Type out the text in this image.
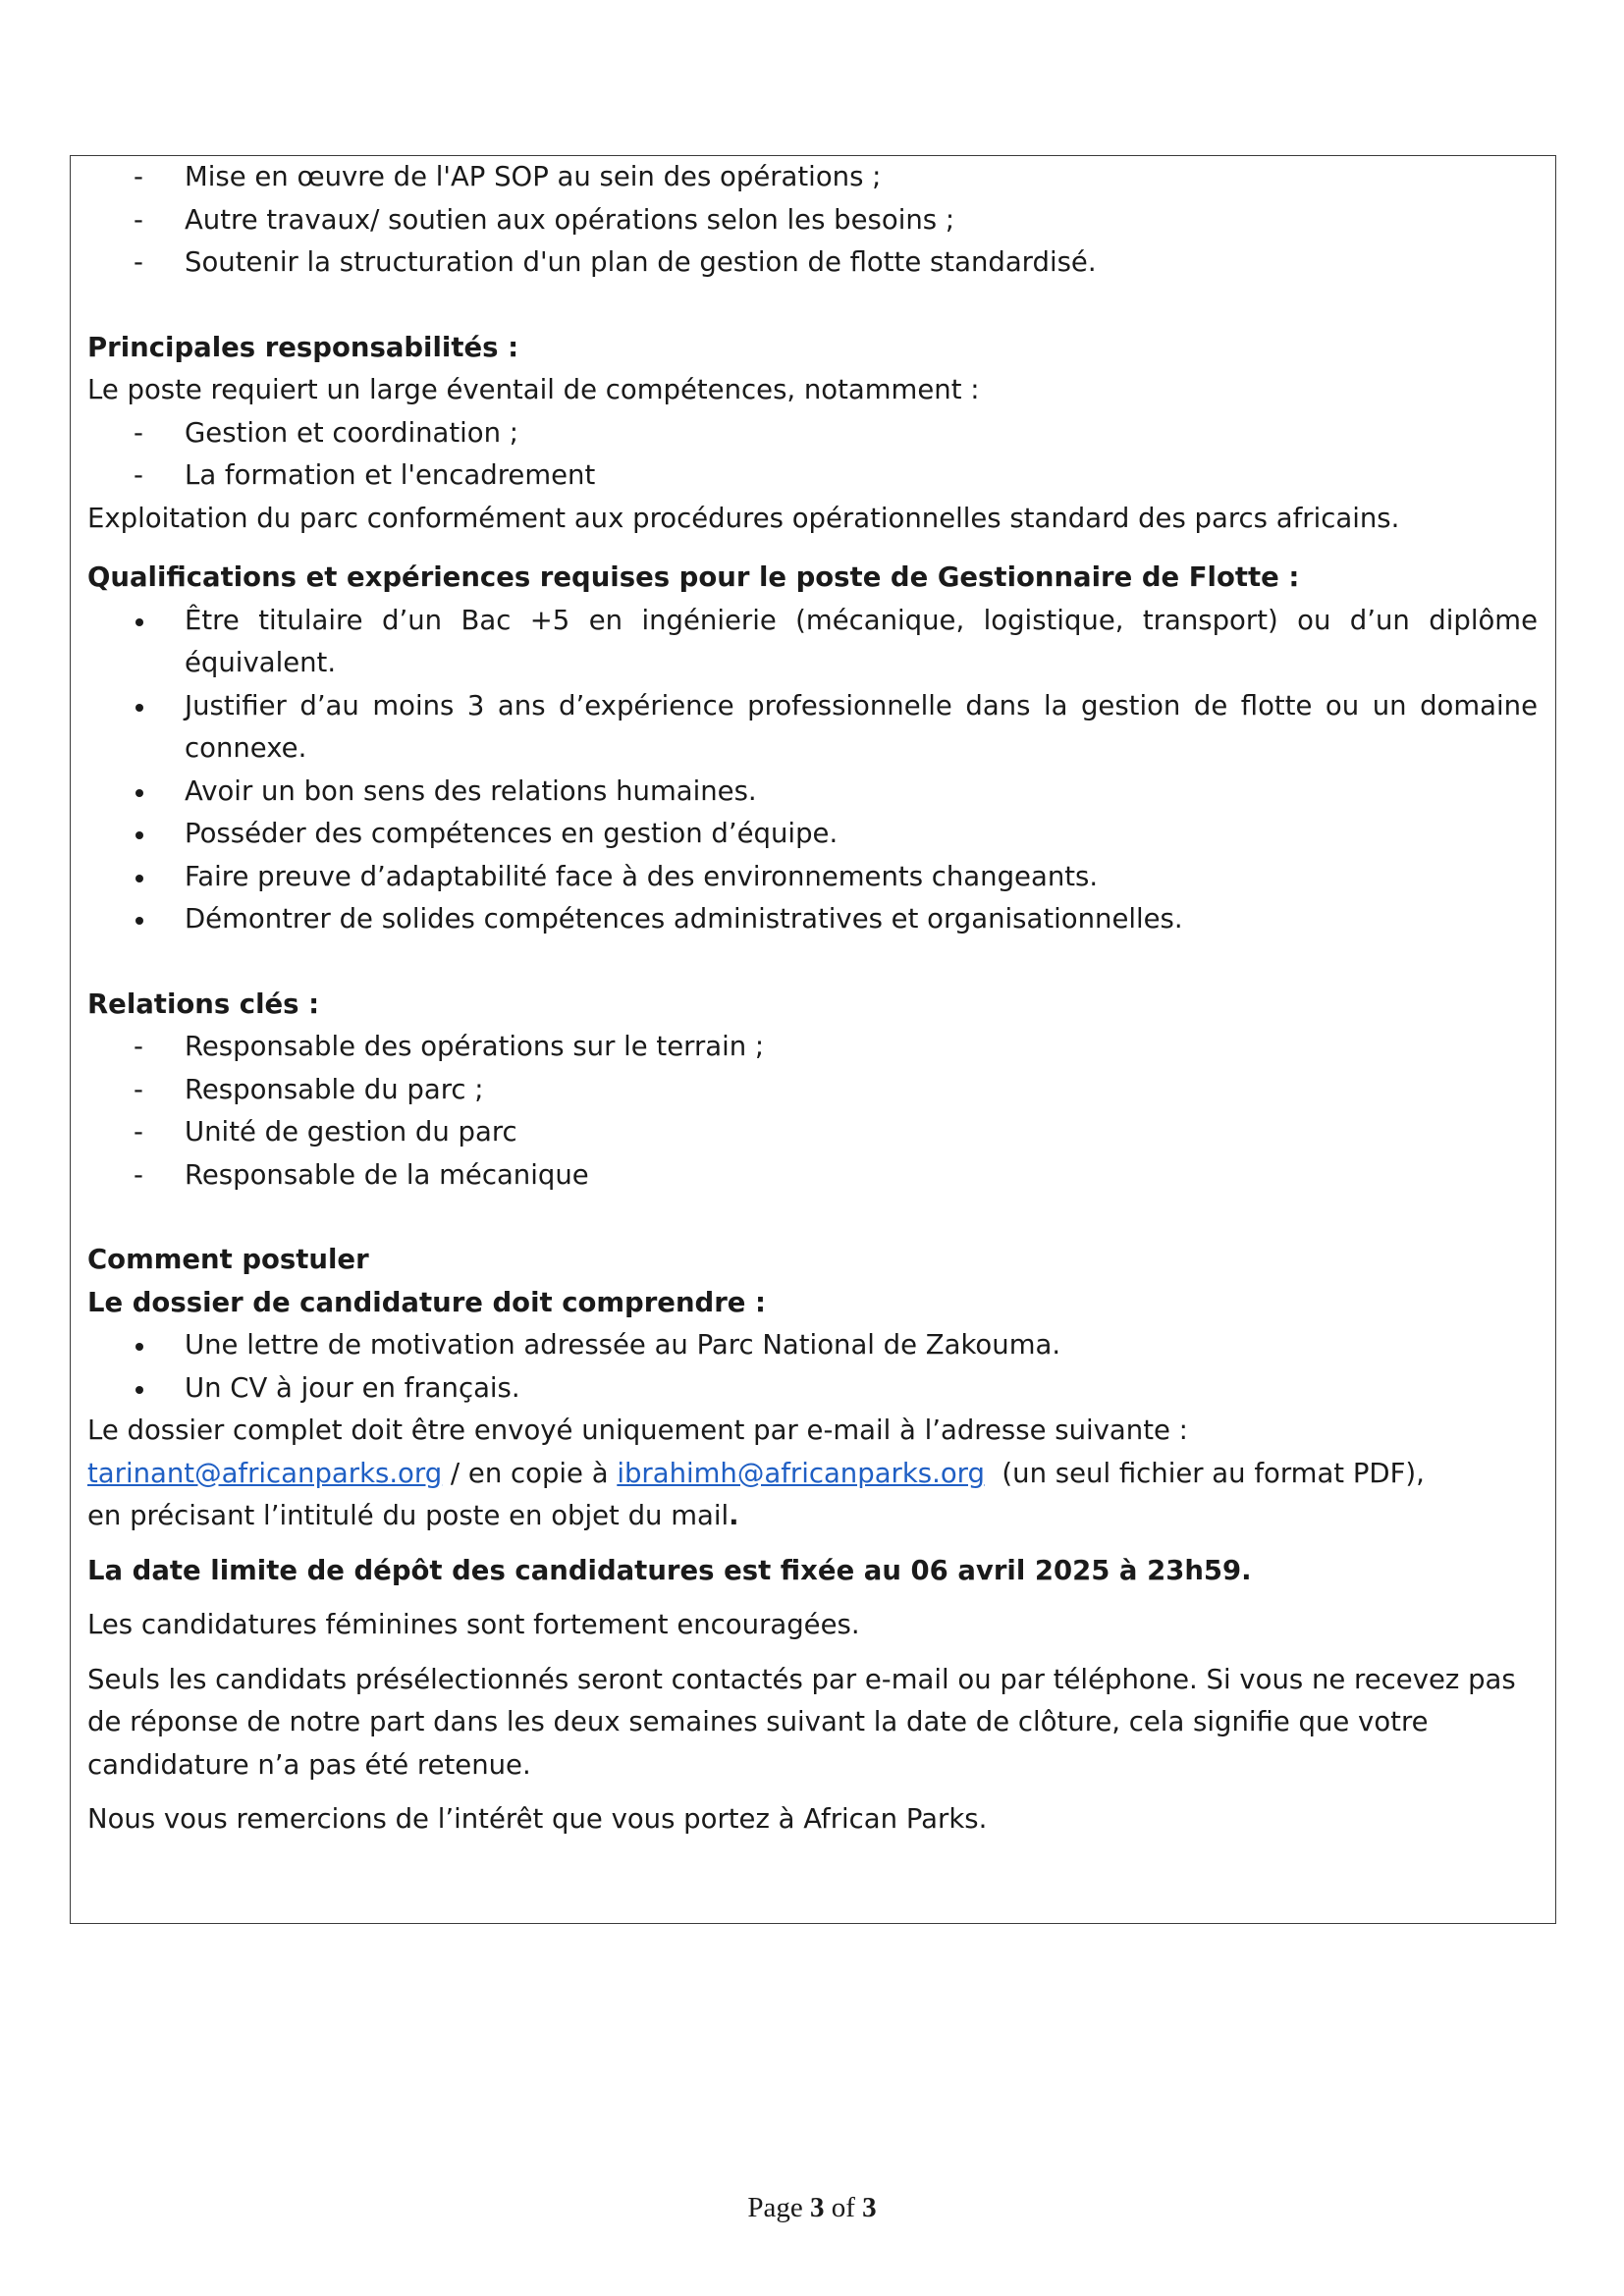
- Mise en œuvre de l'AP SOP au sein des opérations ;
- Autre travaux/ soutien aux opérations selon les besoins ;
- Soutenir la structuration d'un plan de gestion de flotte standardisé.

Principales responsabilités :

Le poste requiert un large éventail de compétences, notamment :

- Gestion et coordination ;
- La formation et l'encadrement

Exploitation du parc conformément aux procédures opérationnelles standard des parcs africains.

Qualifications et expériences requises pour le poste de Gestionnaire de Flotte :

Être titulaire d’un Bac +5 en ingénierie (mécanique, logistique, transport) ou d’un diplôme équivalent.
Justifier d’au moins 3 ans d’expérience professionnelle dans la gestion de flotte ou un domaine connexe.
Avoir un bon sens des relations humaines.
Posséder des compétences en gestion d’équipe.
Faire preuve d’adaptabilité face à des environnements changeants.
Démontrer de solides compétences administratives et organisationnelles.

Relations clés :

- Responsable des opérations sur le terrain ;
- Responsable du parc ;
- Unité de gestion du parc
- Responsable de la mécanique

Comment postuler

Le dossier de candidature doit comprendre :

Une lettre de motivation adressée au Parc National de Zakouma.
Un CV à jour en français.

Le dossier complet doit être envoyé uniquement par e-mail à l’adresse suivante :

tarinant@africanparks.org / en copie à ibrahimh@africanparks.org  (un seul fichier au format PDF),

en précisant l’intitulé du poste en objet du mail.

La date limite de dépôt des candidatures est fixée au 06 avril 2025 à 23h59.

Les candidatures féminines sont fortement encouragées.

Seuls les candidats présélectionnés seront contactés par e-mail ou par téléphone. Si vous ne recevez pas de réponse de notre part dans les deux semaines suivant la date de clôture, cela signifie que votre candidature n’a pas été retenue.

Nous vous remercions de l’intérêt que vous portez à African Parks.

Page 3 of 3
